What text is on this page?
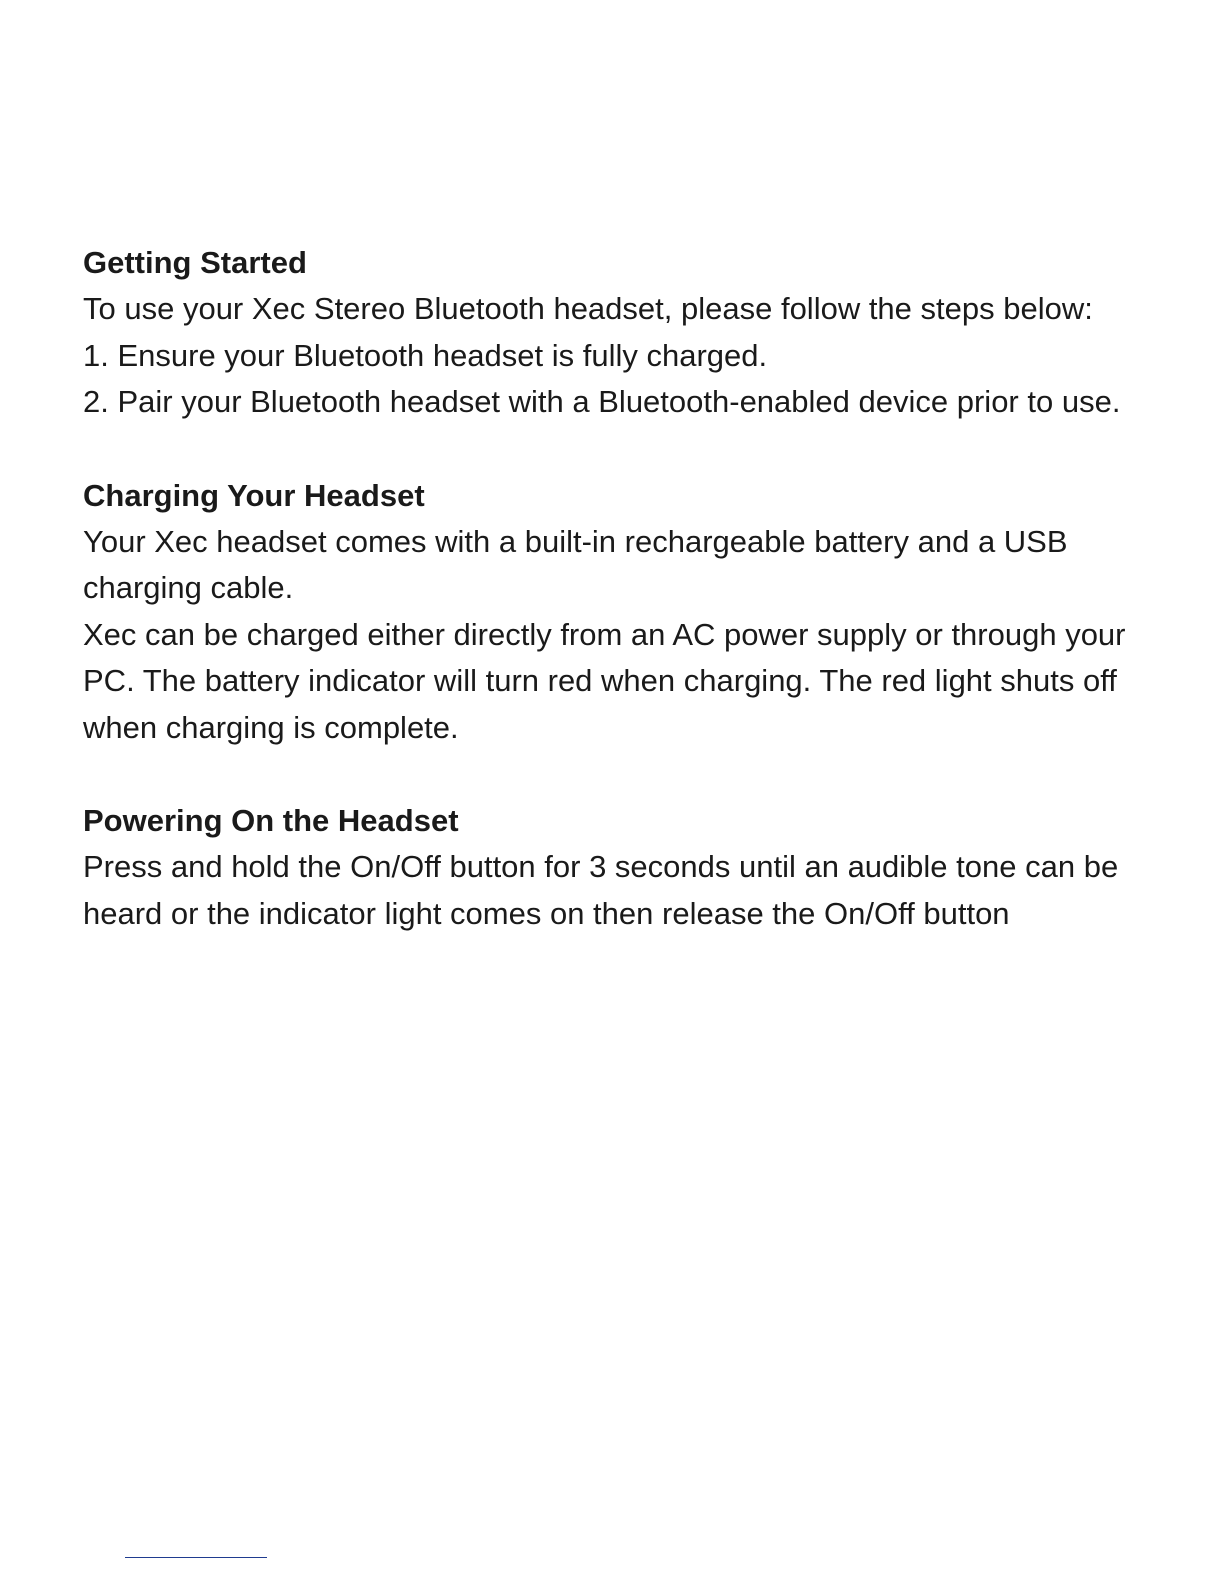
Getting Started

To use your Xec Stereo Bluetooth headset, please follow the steps below:

1. Ensure your Bluetooth headset is fully charged.

2. Pair your Bluetooth headset with a Bluetooth-enabled device prior to use.

Charging Your Headset

Your Xec headset comes with a built-in rechargeable battery and a USB charging cable.

Xec can be charged either directly from an AC power supply or through your PC. The battery indicator will turn red when charging. The red light shuts off when charging is complete.

Powering On the Headset

Press and hold the On/Off button for 3 seconds until an audible tone can be heard or the indicator light comes on then release the On/Off button
